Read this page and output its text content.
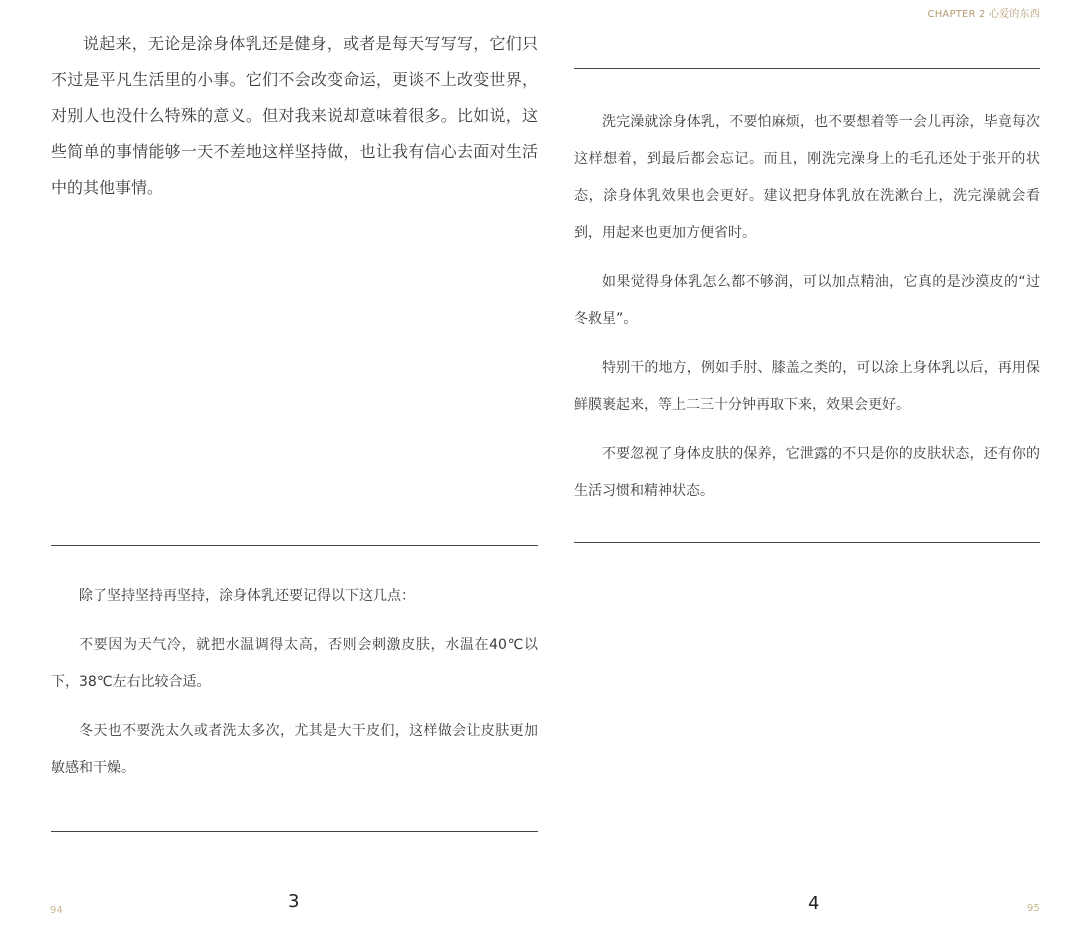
说起来，无论是涂身体乳还是健身，或者是每天写写写，它们只不过是平凡生活里的小事。它们不会改变命运，更谈不上改变世界，对别人也没什么特殊的意义。但对我来说却意味着很多。比如说，这些简单的事情能够一天不差地这样坚持做，也让我有信心去面对生活中的其他事情。

除了坚持坚持再坚持，涂身体乳还要记得以下这几点：

不要因为天气冷，就把水温调得太高，否则会刺激皮肤，水温在40℃以下，38℃左右比较合适。

冬天也不要洗太久或者洗太多次，尤其是大干皮们，这样做会让皮肤更加敏感和干燥。

94	3
CHAPTER 2 心爱的东西

洗完澡就涂身体乳，不要怕麻烦，也不要想着等一会儿再涂，毕竟每次这样想着，到最后都会忘记。而且，刚洗完澡身上的毛孔还处于张开的状态，涂身体乳效果也会更好。建议把身体乳放在洗漱台上，洗完澡就会看到，用起来也更加方便省时。

如果觉得身体乳怎么都不够润，可以加点精油，它真的是沙漠皮的“过冬救星”。

特别干的地方，例如手肘、膝盖之类的，可以涂上身体乳以后，再用保鲜膜裹起来，等上二三十分钟再取下来，效果会更好。

不要忽视了身体皮肤的保养，它泄露的不只是你的皮肤状态，还有你的生活习惯和精神状态。

4	95
